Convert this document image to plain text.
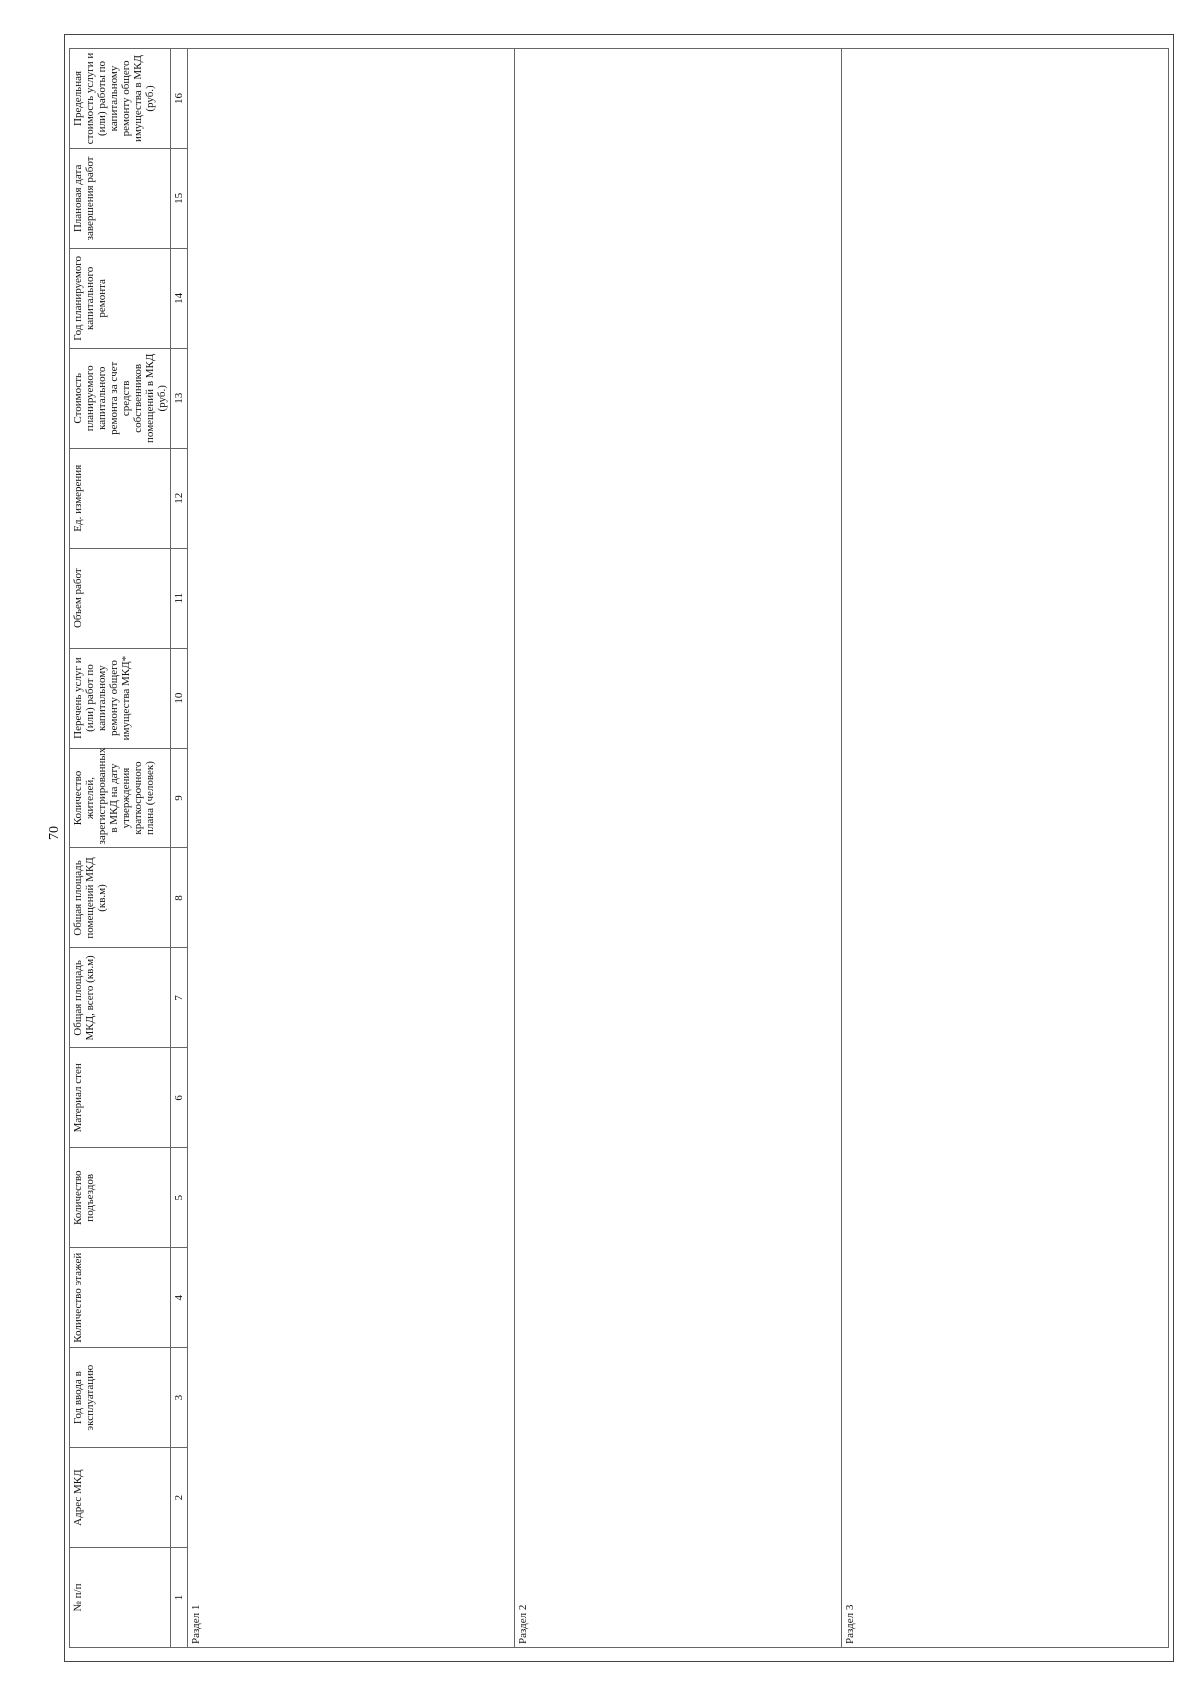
70
№ п/п	Адрес МКД	Год ввода в эксплуатацию	Количество этажей	Количество подъездов	Материал стен	Общая площадь МКД, всего (кв.м)	Общая площадь помещений МКД (кв.м)	Количество жителей, зарегистрированных в МКД на дату утверждения краткосрочного плана (человек)	Перечень услуг и (или) работ по капитальному ремонту общего имущества МКД*	Объем работ	Ед. измерения	Стоимость планируемого капитального ремонта за счет средств собственников помещений в МКД (руб.)	Год планируемого капитального ремонта	Плановая дата завершения работ	Предельная стоимость услуги и (или) работы по капитальному ремонту общего имущества в МКД (руб.)
1	2	3	4	5	6	7	8	9	10	11	12	13	14	15	16
Раздел 1															
Раздел 2															
Раздел 3															
